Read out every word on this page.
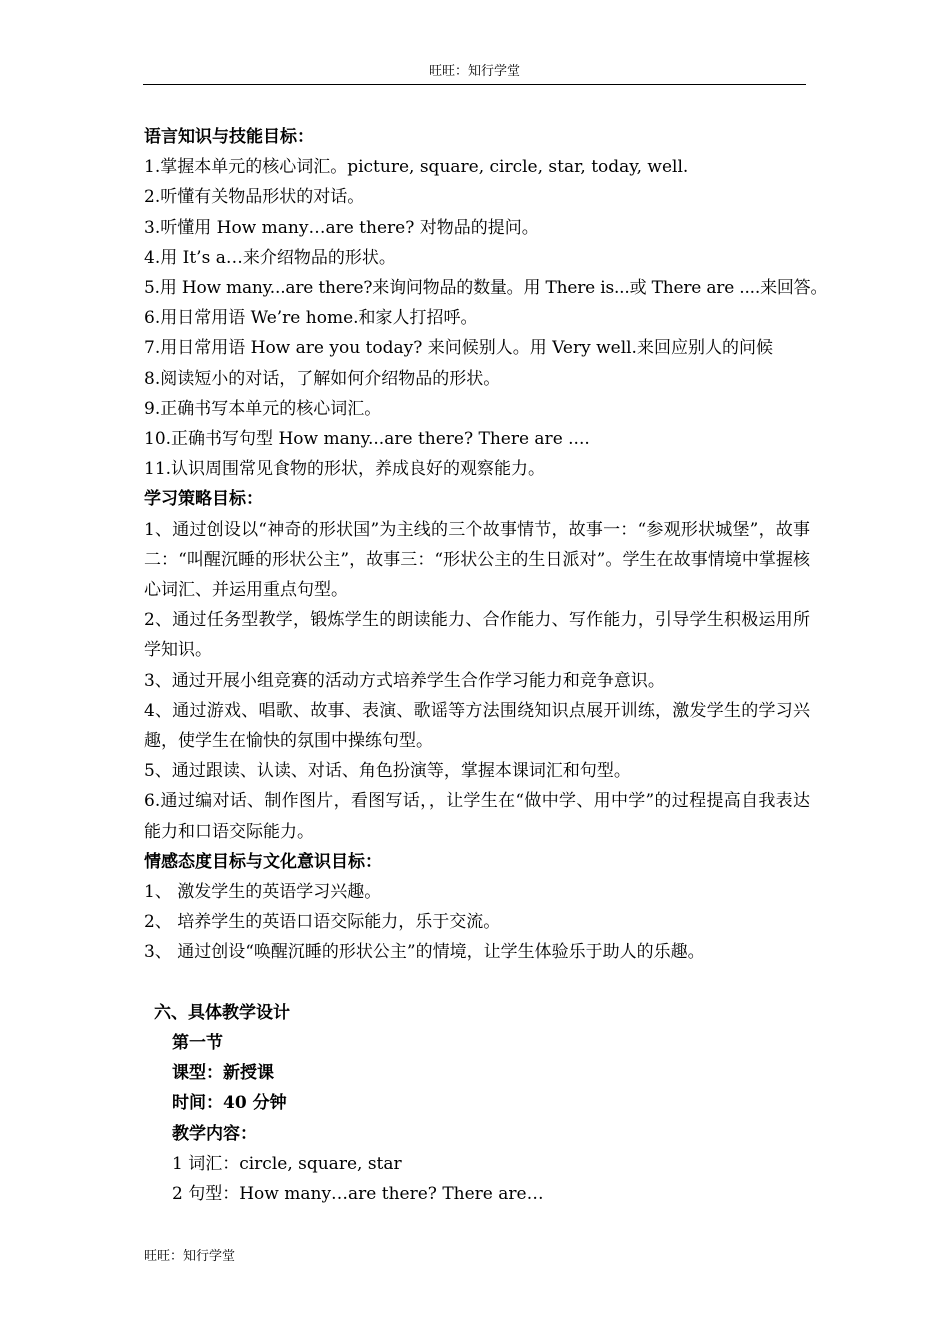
旺旺：知行学堂

语言知识与技能目标：

1.掌握本单元的核心词汇。picture, square, circle, star, today, well.

2.听懂有关物品形状的对话。

3.听懂用 How many…are there? 对物品的提问。

4.用 It’s a…来介绍物品的形状。

5.用 How many...are there?来询问物品的数量。用 There is...或 There are ....来回答。

6.用日常用语 We’re home.和家人打招呼。

7.用日常用语 How are you today? 来问候别人。用 Very well.来回应别人的问候

8.阅读短小的对话，了解如何介绍物品的形状。

9.正确书写本单元的核心词汇。

10.正确书写句型 How many...are there? There are ....

11.认识周围常见食物的形状，养成良好的观察能力。

学习策略目标：

1、通过创设以“神奇的形状国”为主线的三个故事情节，故事一：“参观形状城堡”，故事二：“叫醒沉睡的形状公主”，故事三：“形状公主的生日派对”。学生在故事情境中掌握核心词汇、并运用重点句型。

2、通过任务型教学，锻炼学生的朗读能力、合作能力、写作能力，引导学生积极运用所学知识。

3、通过开展小组竞赛的活动方式培养学生合作学习能力和竞争意识。

4、通过游戏、唱歌、故事、表演、歌谣等方法围绕知识点展开训练，激发学生的学习兴趣，使学生在愉快的氛围中操练句型。

5、通过跟读、认读、对话、角色扮演等，掌握本课词汇和句型。

6.通过编对话、制作图片，看图写话，，让学生在“做中学、用中学”的过程提高自我表达能力和口语交际能力。

情感态度目标与文化意识目标：

1、 激发学生的英语学习兴趣。

2、 培养学生的英语口语交际能力，乐于交流。

3、 通过创设“唤醒沉睡的形状公主”的情境，让学生体验乐于助人的乐趣。

六、具体教学设计

第一节

课型：新授课

时间：40 分钟

教学内容：

1 词汇：circle, square, star

2 句型：How many…are there? There are…

旺旺：知行学堂
